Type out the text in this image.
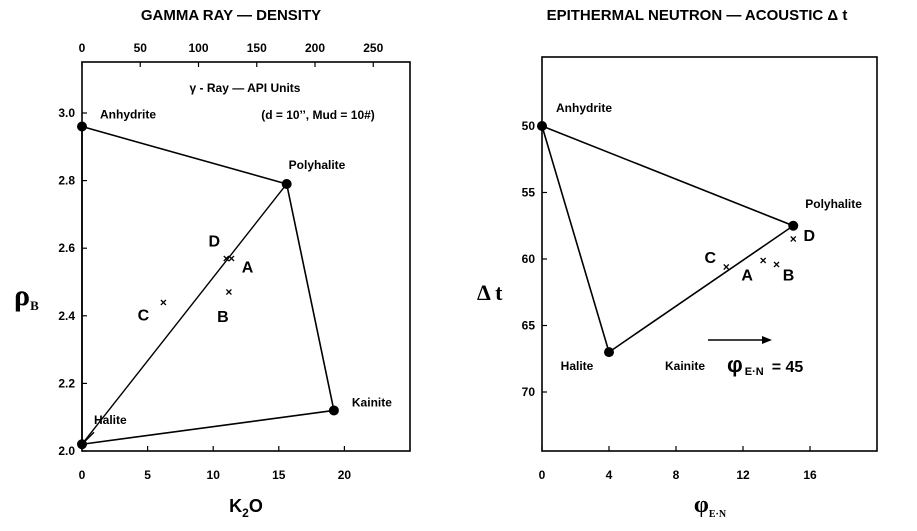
GAMMA RAY — DENSITY
0	5	10	15	20
2.0
2.2
2.4
2.6
2.8
3.0
0	50	100	150	200	250
γ - Ray — API Units
(d = 10’’, Mud = 10#)
Anhydrite
Polyhalite
Kainite
Halite
×
A
×
B
×
C
×
D
$K_2O$
$\rho_B$
EPITHERMAL NEUTRON — ACOUSTIC Δ t
0	4	8	12	16
50
55
60
65
70
Anhydrite
Polyhalite
Halite	Kainite
×
A
×
B
×
C
× D
φ E·N = 45
$\varphi_{E\cdot N}$
Δ t
